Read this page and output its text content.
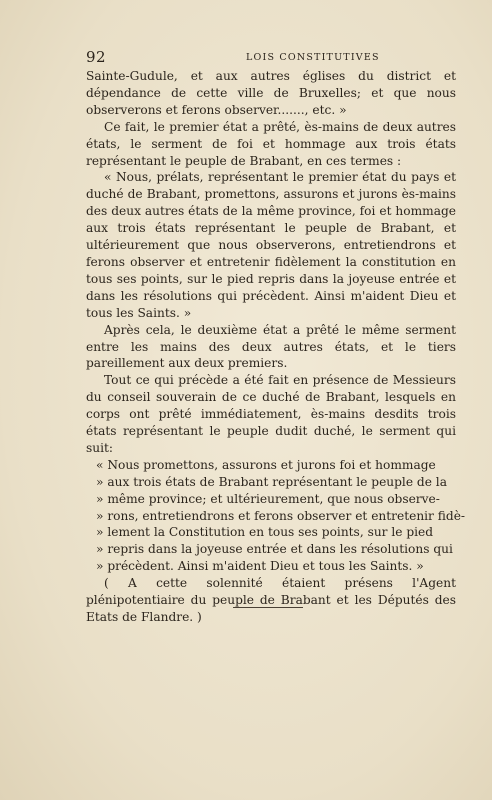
92	LOIS CONSTITUTIVES

Sainte-Gudule, et aux autres églises du district et dépendance de cette ville de Bruxelles; et que nous observerons et ferons observer......., etc. »

Ce fait, le premier état a prêté, ès-mains de deux autres états, le serment de foi et hommage aux trois états représentant le peuple de Brabant, en ces termes :

« Nous, prélats, représentant le premier état du pays et duché de Brabant, promettons, assurons et jurons ès-mains des deux autres états de la même province, foi et hommage aux trois états représentant le peuple de Brabant, et ultérieurement que nous observerons, entretiendrons et ferons observer et entretenir fidèlement la constitution en tous ses points, sur le pied repris dans la joyeuse entrée et dans les résolutions qui précèdent. Ainsi m'aident Dieu et tous les Saints. »

Après cela, le deuxième état a prêté le même serment entre les mains des deux autres états, et le tiers pareillement aux deux premiers.

Tout ce qui précède a été fait en présence de Messieurs du conseil souverain de ce duché de Brabant, lesquels en corps ont prêté immédiatement, ès-mains desdits trois états représentant le peuple dudit duché, le serment qui suit:

« Nous promettons, assurons et jurons foi et hommage

» aux trois états de Brabant représentant le peuple de la

» même province; et ultérieurement, que nous observe-

» rons, entretiendrons et ferons observer et entretenir fidè-

» lement la Constitution en tous ses points, sur le pied

» repris dans la joyeuse entrée et dans les résolutions qui

» précèdent. Ainsi m'aident Dieu et tous les Saints. »

( A cette solennité étaient présens l'Agent plénipotentiaire du peuple de Brabant et les Députés des Etats de Flandre. )
